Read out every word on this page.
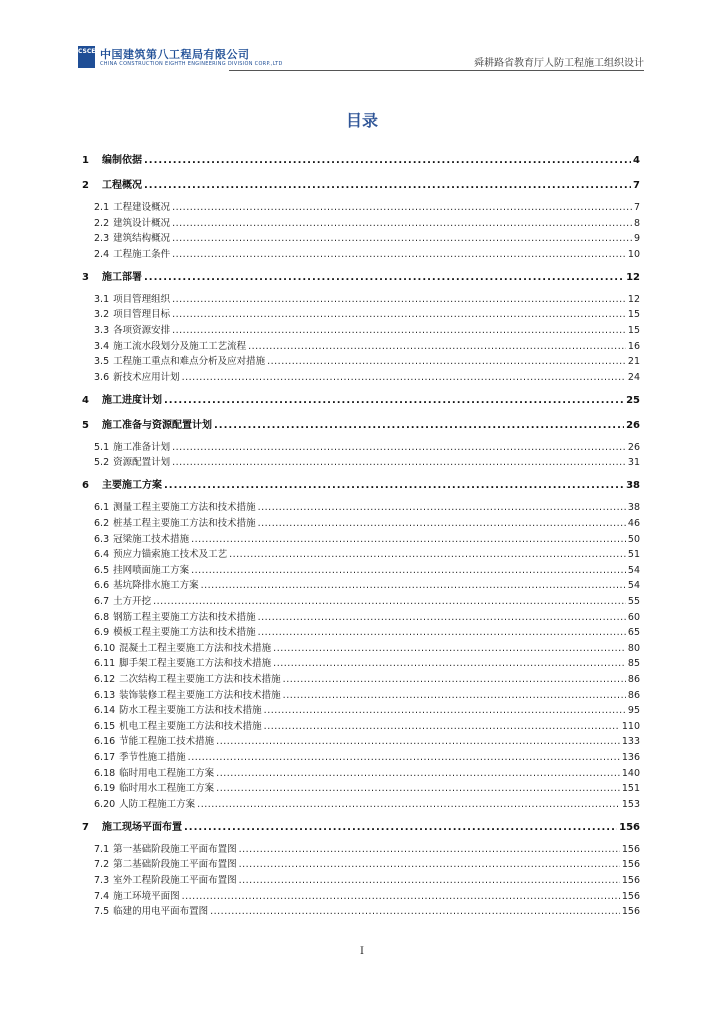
CSCEC 中国建筑第八工程局有限公司
CHINA CONSTRUCTION EIGHTH ENGINEERING DIVISION CORP.,LTD	舜耕路省教育厅人防工程施工组织设计
目录
1	编制依据 .....	4
2	工程概况 .....	7
2.1 工程建设概况 .....	7
2.2 建筑设计概况 .....	8
2.3 建筑结构概况 .....	9
2.4 工程施工条件 .....	10
3	施工部署 .....	12
3.1 项目管理组织 .....	12
3.2 项目管理目标 .....	15
3.3 各项资源安排 .....	15
3.4 施工流水段划分及施工工艺流程 .....	16
3.5 工程施工重点和难点分析及应对措施 .....	21
3.6 新技术应用计划 .....	24
4	施工进度计划 .....	25
5	施工准备与资源配置计划 .....	26
5.1 施工准备计划 .....	26
5.2 资源配置计划 .....	31
6	主要施工方案 .....	38
6.1 测量工程主要施工方法和技术措施 .....	38
6.2 桩基工程主要施工方法和技术措施 .....	46
6.3 冠梁施工技术措施 .....	50
6.4 预应力锚索施工技术及工艺 .....	51
6.5 挂网喷面施工方案 .....	54
6.6 基坑降排水施工方案 .....	54
6.7 土方开挖 .....	55
6.8 钢筋工程主要施工方法和技术措施 .....	60
6.9 模板工程主要施工方法和技术措施 .....	65
6.10 混凝土工程主要施工方法和技术措施 .....	80
6.11 脚手架工程主要施工方法和技术措施 .....	85
6.12 二次结构工程主要施工方法和技术措施 .....	86
6.13 装饰装修工程主要施工方法和技术措施 .....	86
6.14 防水工程主要施工方法和技术措施 .....	95
6.15 机电工程主要施工方法和技术措施 .....	110
6.16 节能工程施工技术措施 .....	133
6.17 季节性施工措施 .....	136
6.18 临时用电工程施工方案 .....	140
6.19 临时用水工程施工方案 .....	151
6.20 人防工程施工方案 .....	153
7	施工现场平面布置 .....	156
7.1 第一基础阶段施工平面布置图 .....	156
7.2 第二基础阶段施工平面布置图 .....	156
7.3 室外工程阶段施工平面布置图 .....	156
7.4 施工环境平面图 .....	156
7.5 临建的用电平面布置图 .....	156
I
